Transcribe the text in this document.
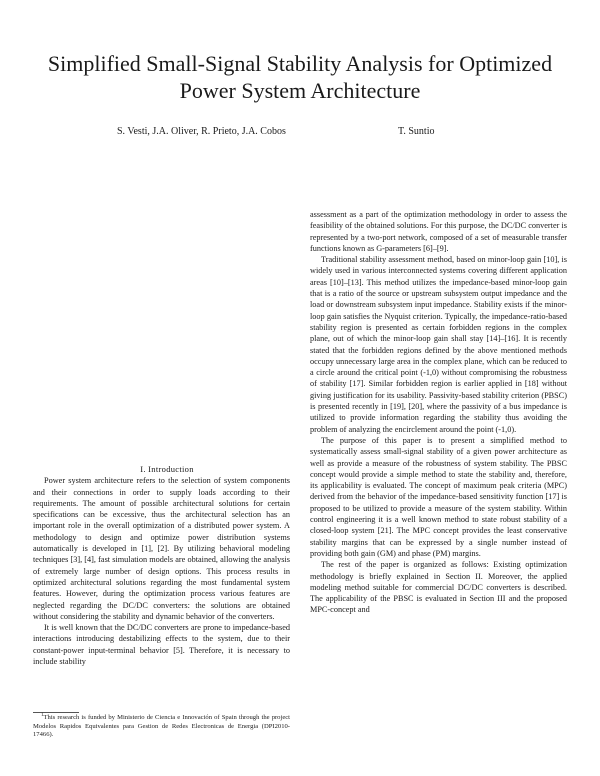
Simplified Small-Signal Stability Analysis for Optimized Power System Architecture
S. Vesti, J.A. Oliver, R. Prieto, J.A. Cobos	T. Suntio

I. Introduction

Power system architecture refers to the selection of system components and their connections in order to supply loads according to their requirements. The amount of possible architectural solutions for certain specifications can be excessive, thus the architectural selection has an important role in the overall optimization of a distributed power system. A methodology to design and optimize power distribution systems automatically is developed in [1], [2]. By utilizing behavioral modeling techniques [3], [4], fast simulation models are obtained, allowing the analysis of extremely large number of design options. This process results in optimized architectural solutions regarding the most fundamental system features. However, during the optimization process various features are neglected regarding the DC/DC converters: the solutions are obtained without considering the stability and dynamic behavior of the converters.

It is well known that the DC/DC converters are prone to impedance-based interactions introducing destabilizing effects to the system, due to their constant-power input-terminal behavior [5]. Therefore, it is necessary to include stability

assessment as a part of the optimization methodology in order to assess the feasibility of the obtained solutions. For this purpose, the DC/DC converter is represented by a two-port network, composed of a set of measurable transfer functions known as G-parameters [6]–[9].

Traditional stability assessment method, based on minor-loop gain [10], is widely used in various interconnected systems covering different application areas [10]–[13]. This method utilizes the impedance-based minor-loop gain that is a ratio of the source or upstream subsystem output impedance and the load or downstream subsystem input impedance. Stability exists if the minor-loop gain satisfies the Nyquist criterion. Typically, the impedance-ratio-based stability region is presented as certain forbidden regions in the complex plane, out of which the minor-loop gain shall stay [14]–[16]. It is recently stated that the forbidden regions defined by the above mentioned methods occupy unnecessary large area in the complex plane, which can be reduced to a circle around the critical point (-1,0) without compromising the robustness of stability [17]. Similar forbidden region is earlier applied in [18] without giving justification for its usability. Passivity-based stability criterion (PBSC) is presented recently in [19], [20], where the passivity of a bus impedance is utilized to provide information regarding the stability thus avoiding the problem of analyzing the encirclement around the point (-1,0).

The purpose of this paper is to present a simplified method to systematically assess small-signal stability of a given power architecture as well as provide a measure of the robustness of system stability. The PBSC concept would provide a simple method to state the stability and, therefore, its applicability is evaluated. The concept of maximum peak criteria (MPC) derived from the behavior of the impedance-based sensitivity function [17] is proposed to be utilized to provide a measure of the system stability. Within control engineering it is a well known method to state robust stability of a closed-loop system [21]. The MPC concept provides the least conservative stability margins that can be expressed by a single number instead of providing both gain (GM) and phase (PM) margins.

The rest of the paper is organized as follows: Existing optimization methodology is briefly explained in Section II. Moreover, the applied modeling method suitable for commercial DC/DC converters is described. The applicability of the PBSC is evaluated in Section III and the proposed MPC-concept and

$^1$This research is funded by Ministerio de Ciencia e Innovación of Spain through the project Modelos Rapidos Equivalentes para Gestion de Redes Electronicas de Energia (DPI2010-17466).
